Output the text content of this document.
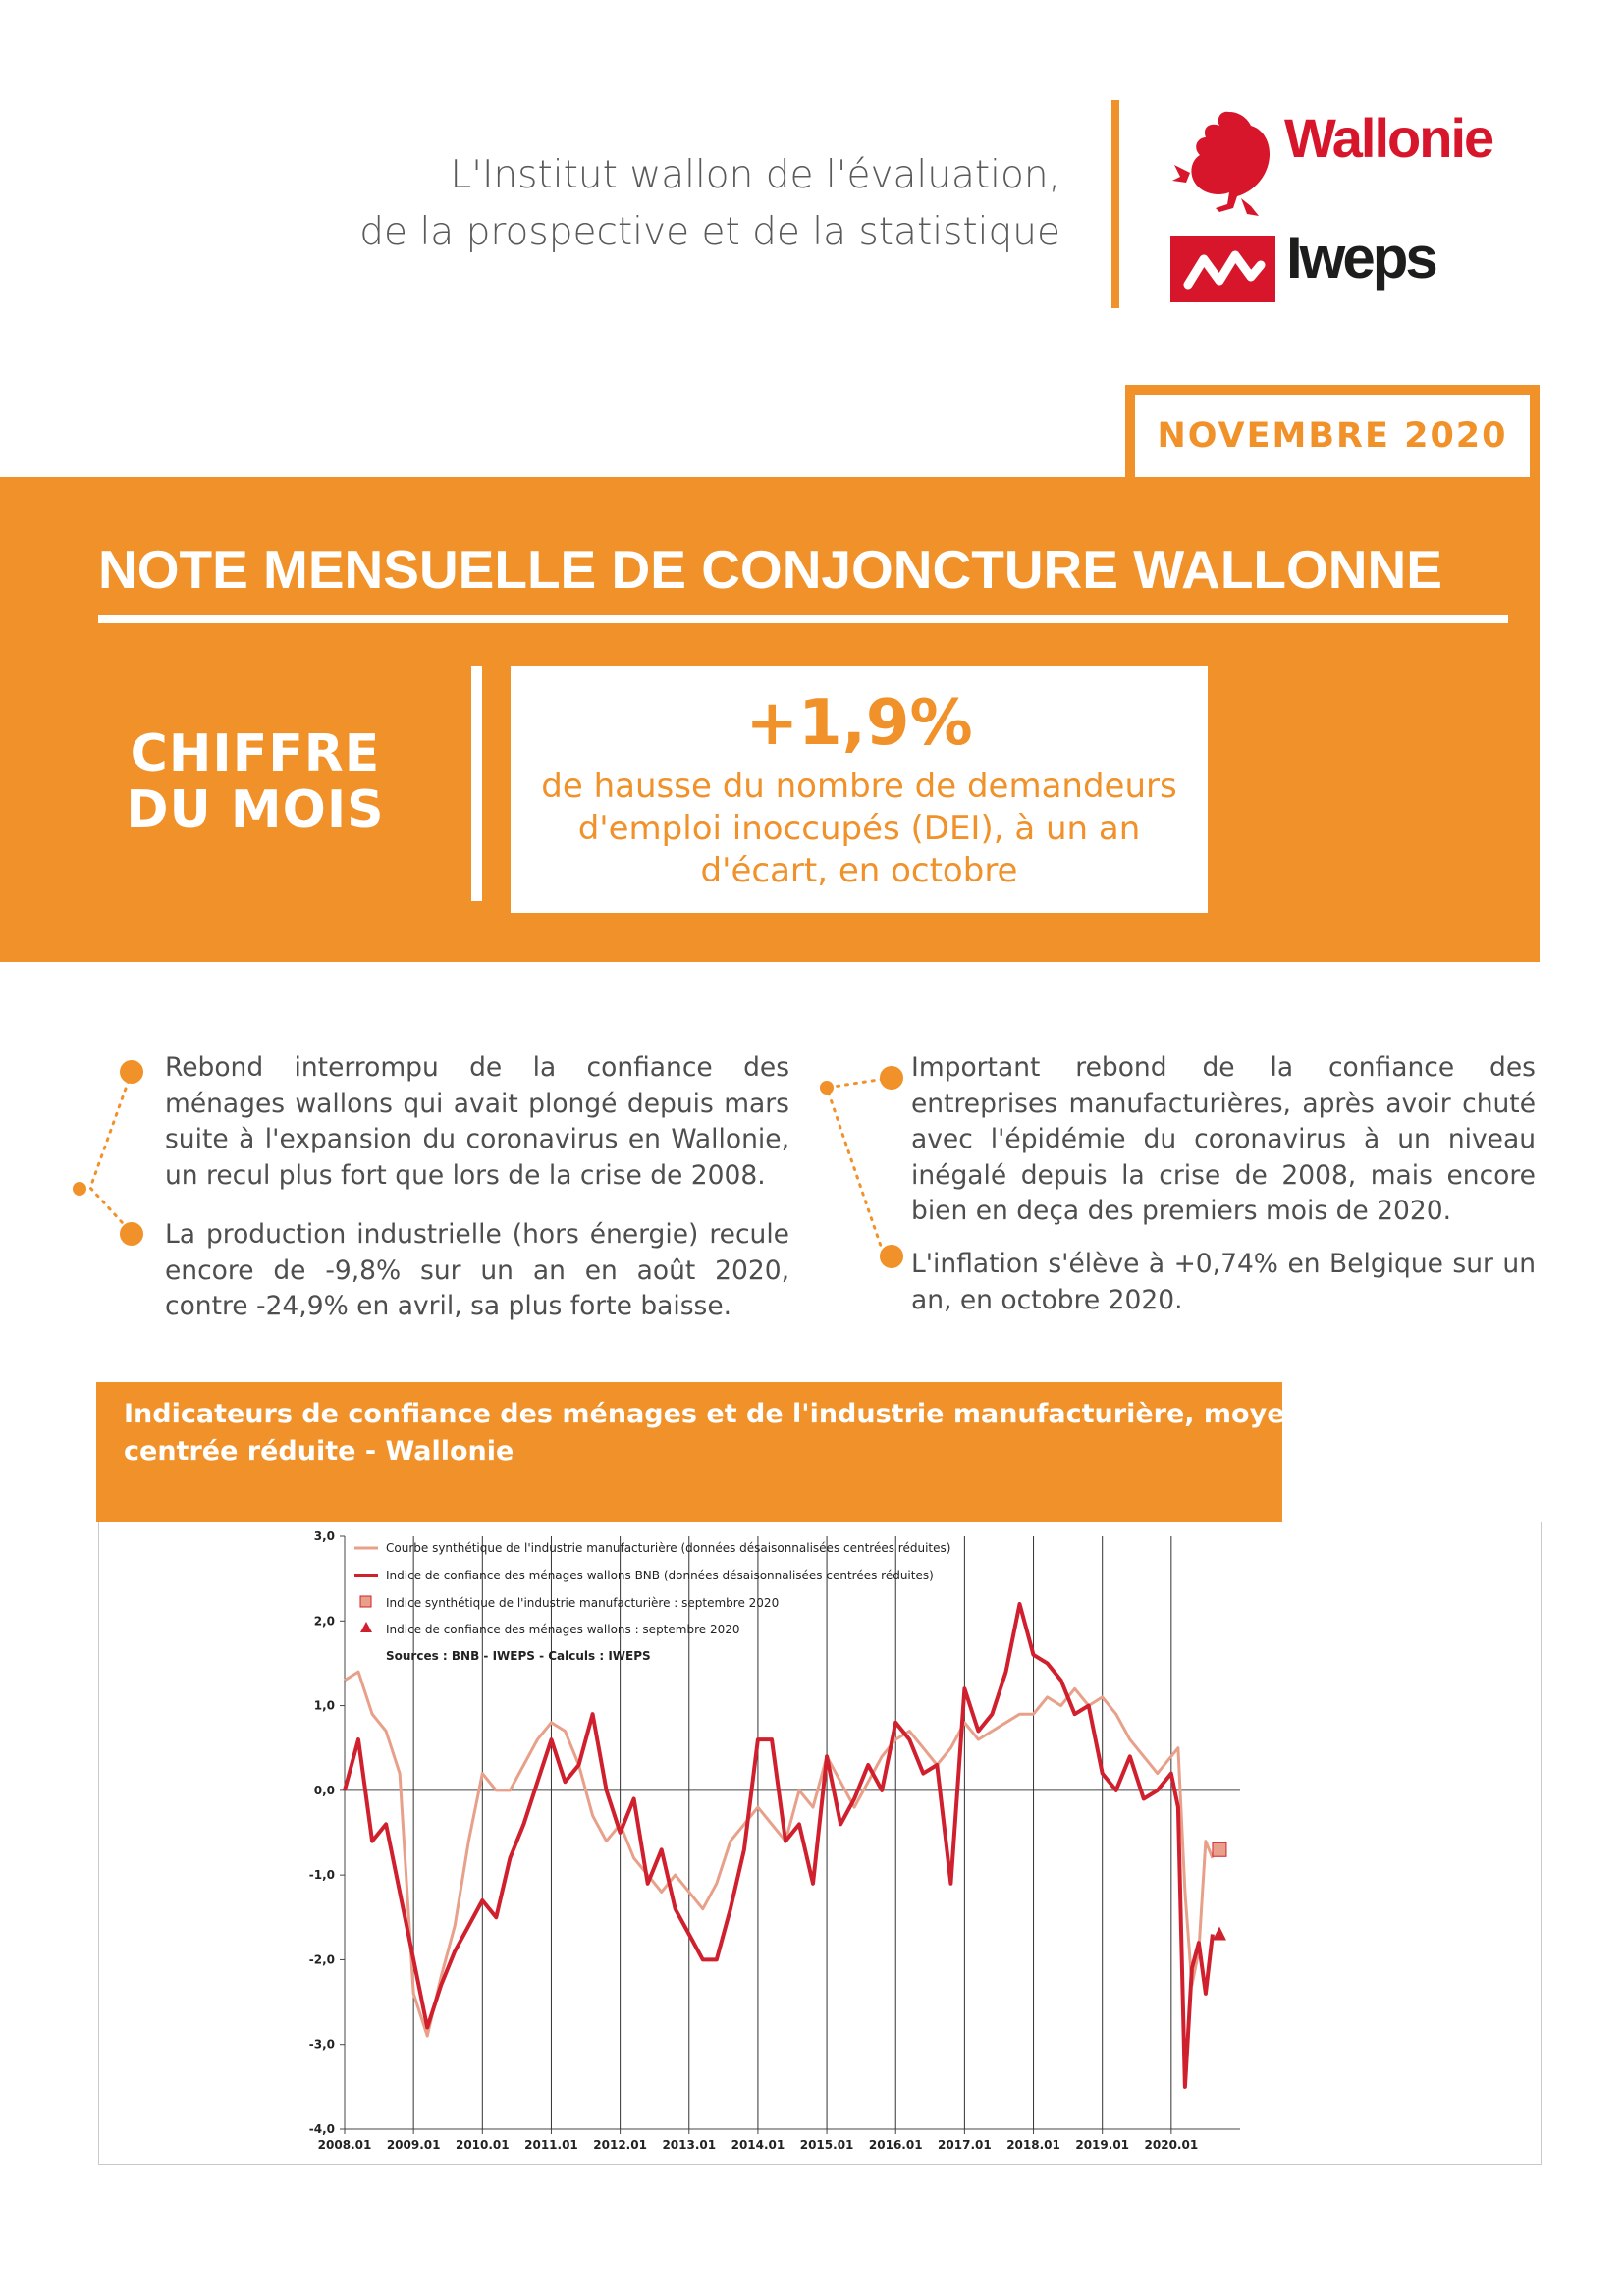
L'Institut wallon de l'évaluation,
de la prospective et de la statistique
Wallonie
Iweps
NOVEMBRE 2020
NOTE MENSUELLE DE CONJONCTURE WALLONNE
CHIFFRE
DU MOIS
+1,9%
de hausse du nombre de demandeurs
d'emploi inoccupés (DEI), à un an
d'écart, en octobre

Rebond interrompu de la confiance des ménages wallons qui avait plongé depuis mars suite à l'expansion du coronavirus en Wallonie, un recul plus fort que lors de la crise de 2008.

La production industrielle (hors énergie) recule encore de -9,8% sur un an en août 2020, contre -24,9% en avril, sa plus forte baisse.

Important rebond de la confiance des entreprises manufacturières, après avoir chuté avec l'épidémie du coronavirus à un niveau inégalé depuis la crise de 2008, mais encore bien en deça des premiers mois de 2020.

L'inflation s'élève à +0,74% en Belgique sur un an, en octobre 2020.

Indicateurs de confiance des ménages et de l'industrie manufacturière, moyenne
centrée réduite - Wallonie
3,0
2,0
1,0
0,0
-1,0
-2,0
-3,0
-4,0
2008.01 2009.01 2010.01 2011.01 2012.01 2013.01 2014.01 2015.01 2016.01 2017.01 2018.01 2019.01 2020.01
Courbe synthétique de l'industrie manufacturière (données désaisonnalisées centrées réduites)
Indice de confiance des ménages wallons BNB (données désaisonnalisées centrées réduites)
Indice synthétique de l'industrie manufacturière : septembre 2020
Indice de confiance des ménages wallons : septembre 2020
Sources : BNB - IWEPS - Calculs : IWEPS
